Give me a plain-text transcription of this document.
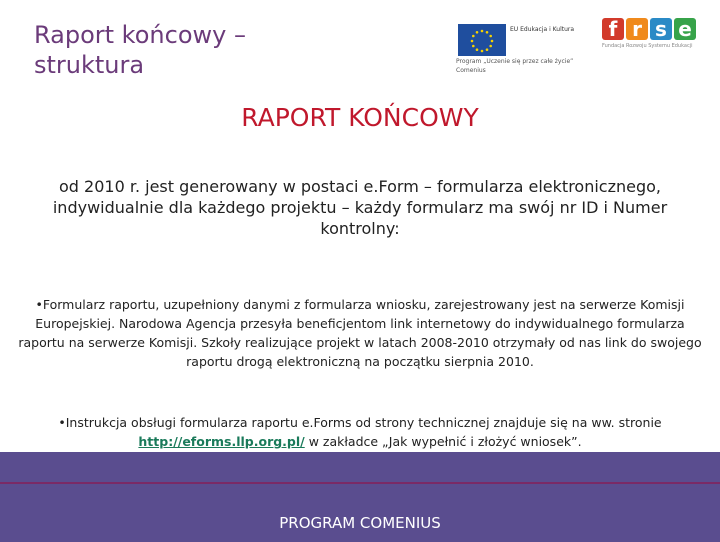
Raport końcowy –
struktura
EU Edukacja i Kultura
Program „Uczenie się przez całe życie”
Comenius
f r s e
Fundacja Rozwoju Systemu Edukacji
RAPORT KOŃCOWY
od 2010 r. jest generowany w postaci e.Form – formularza elektronicznego, indywidualnie dla każdego projektu – każdy formularz ma swój nr ID i Numer kontrolny:
•Formularz raportu, uzupełniony danymi z formularza wniosku, zarejestrowany jest na serwerze Komisji Europejskiej. Narodowa Agencja przesyła beneficjentom link internetowy do indywidualnego formularza raportu na serwerze Komisji. Szkoły realizujące projekt w latach 2008-2010 otrzymały od nas link do swojego raportu drogą elektroniczną na początku sierpnia 2010.
•Instrukcja obsługi formularza raportu e.Forms od strony technicznej znajduje się na ww. stronie http://eforms.llp.org.pl/ w zakładce „Jak wypełnić i złożyć wniosek”.
PROGRAM COMENIUS
